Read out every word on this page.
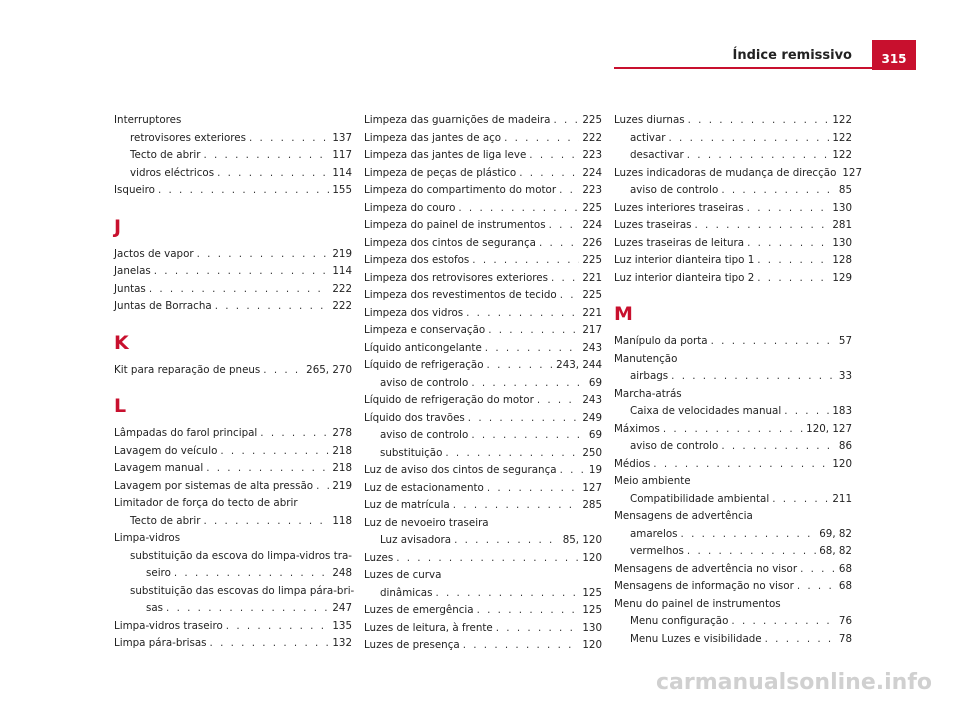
Índice remissivo	315
Interruptores
retrovisores exteriores . . .	137
Tecto de abrir . . .	117
vidros eléctricos . . .	114
Isqueiro . . .	155
J
Jactos de vapor . . .	219
Janelas . . .	114
Juntas . . .	222
Juntas de Borracha . . .	222
K
Kit para reparação de pneus . . .	265, 270
L
Lâmpadas do farol principal . . .	278
Lavagem do veículo . . .	218
Lavagem manual . . .	218
Lavagem por sistemas de alta pressão . . . 219
Limitador de força do tecto de abrir
Tecto de abrir . . .	118
Limpa-vidros
substituição da escova do limpa-vidros tra-
seiro . . .	248
substituição das escovas do limpa pára-bri-
sas . . .	247
Limpa-vidros traseiro . . .	135
Limpa pára-brisas . . .	132
Limpeza das guarnições de madeira . . .	225
Limpeza das jantes de aço . . .	222
Limpeza das jantes de liga leve . . .	223
Limpeza de peças de plástico . . .	224
Limpeza do compartimento do motor . . .	223
Limpeza do couro . . .	225
Limpeza do painel de instrumentos . . .	224
Limpeza dos cintos de segurança . . .	226
Limpeza dos estofos . . .	225
Limpeza dos retrovisores exteriores . . .	221
Limpeza dos revestimentos de tecido . . . 225
Limpeza dos vidros . . .	221
Limpeza e conservação . . .	217
Líquido anticongelante . . .	243
Líquido de refrigeração . . .	243, 244
aviso de controlo . . .	69
Líquido de refrigeração do motor . . .	243
Líquido dos travões . . .	249
aviso de controlo . . .	69
substituição . . .	250
Luz de aviso dos cintos de segurança . . .	19
Luz de estacionamento . . .	127
Luz de matrícula . . .	285
Luz de nevoeiro traseira
Luz avisadora . . .	85, 120
Luzes . . .	120
Luzes de curva
dinâmicas . . .	125
Luzes de emergência . . .	125
Luzes de leitura, à frente . . .	130
Luzes de presença . . .	120
Luzes diurnas . . .	122
activar . . .	122
desactivar . . .	122
Luzes indicadoras de mudança de direcção 127
aviso de controlo . . .	85
Luzes interiores traseiras . . .	130
Luzes traseiras . . .	281
Luzes traseiras de leitura . . .	130
Luz interior dianteira tipo 1 . . .	128
Luz interior dianteira tipo 2 . . .	129
M
Manípulo da porta . . .	57
Manutenção
airbags . . .	33
Marcha-atrás
Caixa de velocidades manual . . .	183
Máximos . . .	120, 127
aviso de controlo . . .	86
Médios . . .	120
Meio ambiente
Compatibilidade ambiental . . .	211
Mensagens de advertência
amarelos . . .	69, 82
vermelhos . . .	68, 82
Mensagens de advertência no visor . . .	68
Mensagens de informação no visor . . .	68
Menu do painel de instrumentos
Menu configuração . . .	76
Menu Luzes e visibilidade . . .	78
carmanualsonline.info
